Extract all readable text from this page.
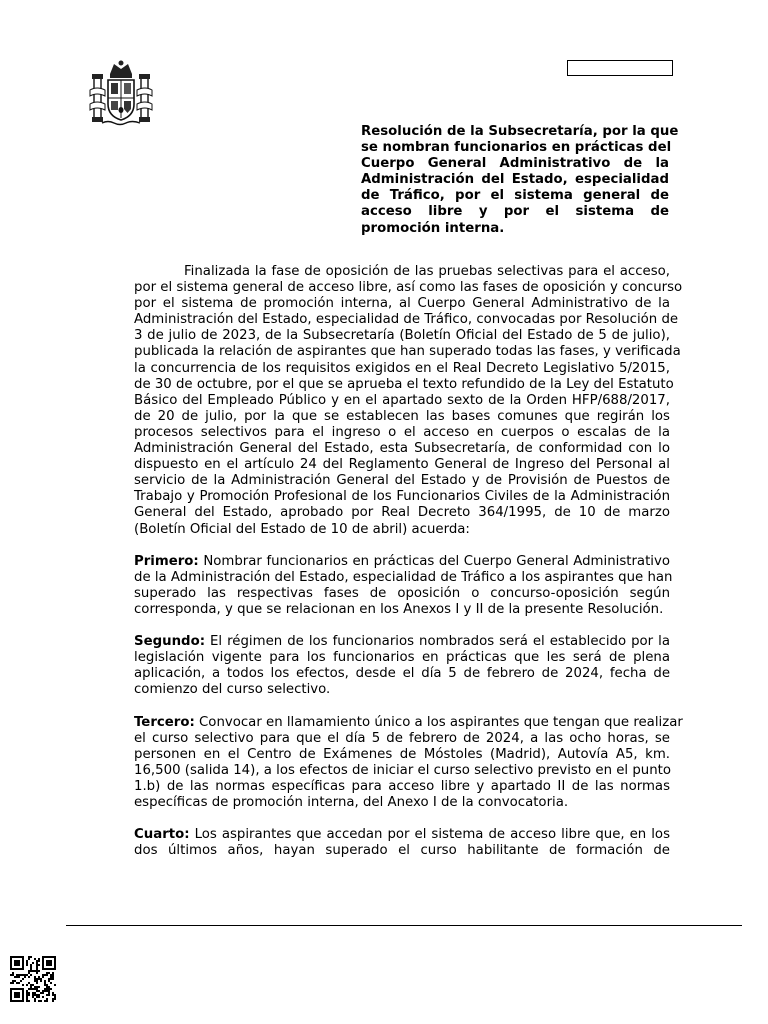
Resolución de la Subsecretaría, por la que
se nombran funcionarios en prácticas del
Cuerpo General Administrativo de la
Administración del Estado, especialidad
de Tráfico, por el sistema general de
acceso libre y por el sistema de
promoción interna.
Finalizada la fase de oposición de las pruebas selectivas para el acceso,
por el sistema general de acceso libre, así como las fases de oposición y concurso
por el sistema de promoción interna, al Cuerpo General Administrativo de la
Administración del Estado, especialidad de Tráfico, convocadas por Resolución de
3 de julio de 2023, de la Subsecretaría (Boletín Oficial del Estado de 5 de julio),
publicada la relación de aspirantes que han superado todas las fases, y verificada
la concurrencia de los requisitos exigidos en el Real Decreto Legislativo 5/2015,
de 30 de octubre, por el que se aprueba el texto refundido de la Ley del Estatuto
Básico del Empleado Público y en el apartado sexto de la Orden HFP/688/2017,
de 20 de julio, por la que se establecen las bases comunes que regirán los
procesos selectivos para el ingreso o el acceso en cuerpos o escalas de la
Administración General del Estado, esta Subsecretaría, de conformidad con lo
dispuesto en el artículo 24 del Reglamento General de Ingreso del Personal al
servicio de la Administración General del Estado y de Provisión de Puestos de
Trabajo y Promoción Profesional de los Funcionarios Civiles de la Administración
General del Estado, aprobado por Real Decreto 364/1995, de 10 de marzo
(Boletín Oficial del Estado de 10 de abril) acuerda:
Primero: Nombrar funcionarios en prácticas del Cuerpo General Administrativo
de la Administración del Estado, especialidad de Tráfico a los aspirantes que han
superado las respectivas fases de oposición o concurso-oposición según
corresponda, y que se relacionan en los Anexos I y II de la presente Resolución.
Segundo: El régimen de los funcionarios nombrados será el establecido por la
legislación vigente para los funcionarios en prácticas que les será de plena
aplicación, a todos los efectos, desde el día 5 de febrero de 2024, fecha de
comienzo del curso selectivo.
Tercero: Convocar en llamamiento único a los aspirantes que tengan que realizar
el curso selectivo para que el día 5 de febrero de 2024, a las ocho horas, se
personen en el Centro de Exámenes de Móstoles (Madrid), Autovía A5, km.
16,500 (salida 14), a los efectos de iniciar el curso selectivo previsto en el punto
1.b) de las normas específicas para acceso libre y apartado II de las normas
específicas de promoción interna, del Anexo I de la convocatoria.
Cuarto: Los aspirantes que accedan por el sistema de acceso libre que, en los
dos últimos años, hayan superado el curso habilitante de formación de
